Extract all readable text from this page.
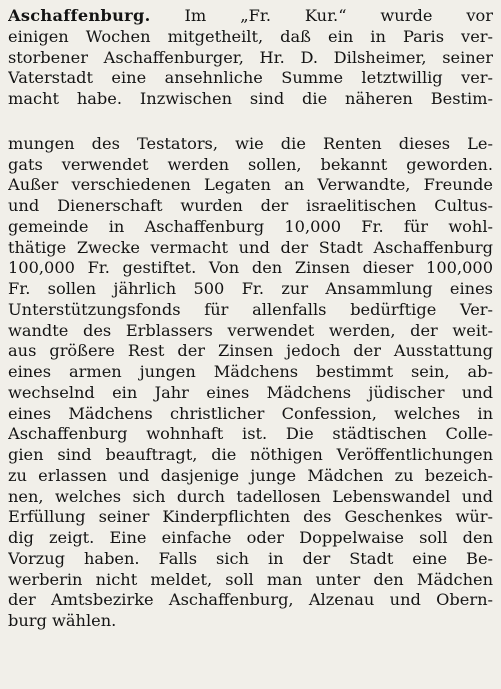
Aschaffenburg. Im „Fr. Kur.“ wurde vor
einigen Wochen mitgetheilt, daß ein in Paris ver-
storbener Aschaffenburger, Hr. D. Dilsheimer, seiner
Vaterstadt eine ansehnliche Summe letztwillig ver-
macht habe. Inzwischen sind die näheren Bestim-
mungen des Testators, wie die Renten dieses Le-
gats verwendet werden sollen, bekannt geworden.
Außer verschiedenen Legaten an Verwandte, Freunde
und Dienerschaft wurden der israelitischen Cultus-
gemeinde in Aschaffenburg 10,000 Fr. für wohl-
thätige Zwecke vermacht und der Stadt Aschaffenburg
100,000 Fr. gestiftet. Von den Zinsen dieser 100,000
Fr. sollen jährlich 500 Fr. zur Ansammlung eines
Unterstützungsfonds für allenfalls bedürftige Ver-
wandte des Erblassers verwendet werden, der weit-
aus größere Rest der Zinsen jedoch der Ausstattung
eines armen jungen Mädchens bestimmt sein, ab-
wechselnd ein Jahr eines Mädchens jüdischer und
eines Mädchens christlicher Confession, welches in
Aschaffenburg wohnhaft ist. Die städtischen Colle-
gien sind beauftragt, die nöthigen Veröffentlichungen
zu erlassen und dasjenige junge Mädchen zu bezeich-
nen, welches sich durch tadellosen Lebenswandel und
Erfüllung seiner Kinderpflichten des Geschenkes wür-
dig zeigt. Eine einfache oder Doppelwaise soll den
Vorzug haben. Falls sich in der Stadt eine Be-
werberin nicht meldet, soll man unter den Mädchen
der Amtsbezirke Aschaffenburg, Alzenau und Obern-
burg wählen.
